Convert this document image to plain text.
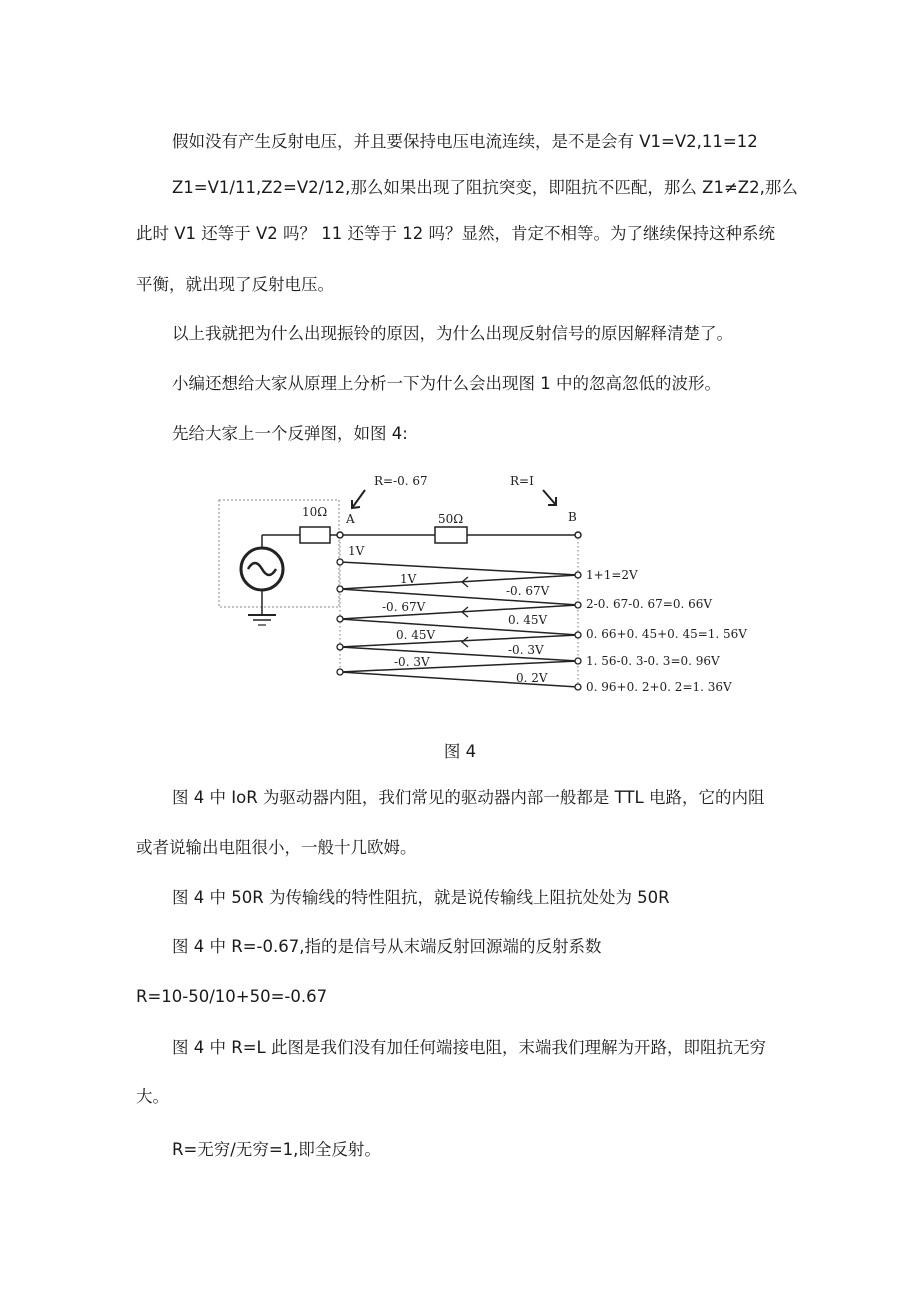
假如没有产生反射电压，并且要保持电压电流连续，是不是会有 V1=V2,11=12

Z1=V1/11,Z2=V2/12,那么如果出现了阻抗突变，即阻抗不匹配，那么 Z1≠Z2,那么

此时 V1 还等于 V2 吗？ 11 还等于 12 吗？显然，肯定不相等。为了继续保持这种系统

平衡，就出现了反射电压。

以上我就把为什么出现振铃的原因，为什么出现反射信号的原因解释清楚了。

小编还想给大家从原理上分析一下为什么会出现图 1 中的忽高忽低的波形。

先给大家上一个反弹图，如图 4:

R=-0. 67	R=I
10Ω	50Ω
A	B
1V
1V
-0. 67V
0. 45V
-0. 3V
-0. 67V
0. 45V
-0. 3V
0. 2V
1+1=2V
2-0. 67-0. 67=0. 66V
0. 66+0. 45+0. 45=1. 56V
1. 56-0. 3-0. 3=0. 96V
0. 96+0. 2+0. 2=1. 36V
图 4

图 4 中 IoR 为驱动器内阻，我们常见的驱动器内部一般都是 TTL 电路，它的内阻

或者说输出电阻很小，一般十几欧姆。

图 4 中 50R 为传输线的特性阻抗，就是说传输线上阻抗处处为 50R

图 4 中 R=-0.67,指的是信号从末端反射回源端的反射系数

R=10-50/10+50=-0.67

图 4 中 R=L 此图是我们没有加任何端接电阻，末端我们理解为开路，即阻抗无穷

大。

R=无穷/无穷=1,即全反射。
